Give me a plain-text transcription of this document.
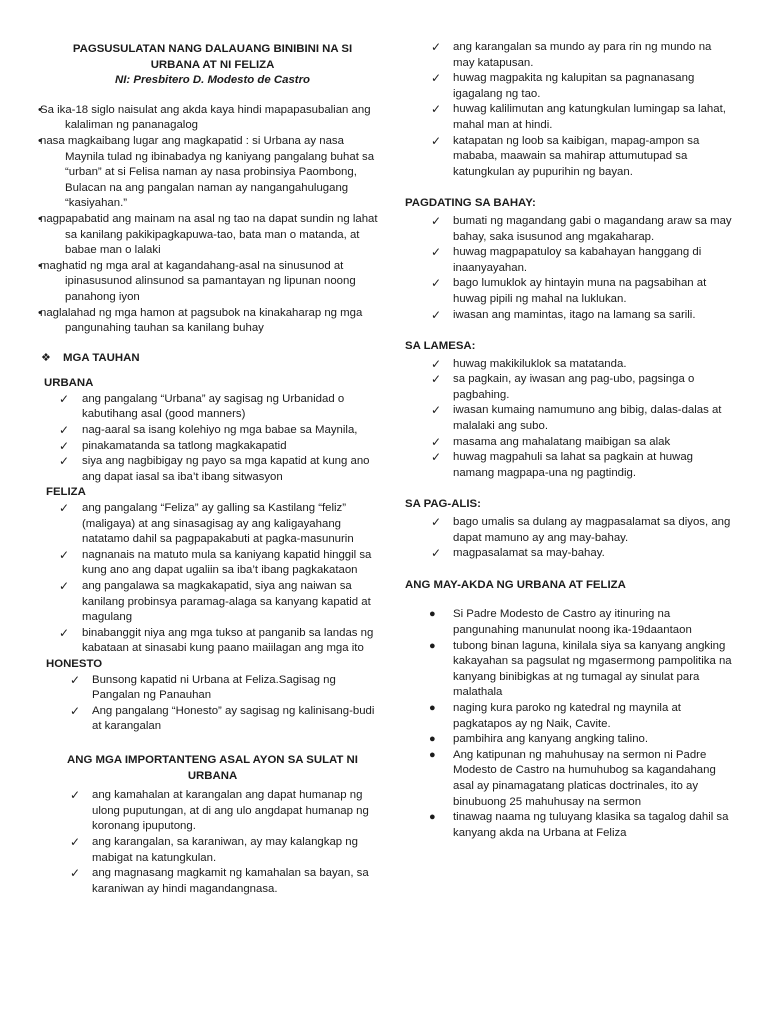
PAGSUSULATAN NANG DALAUANG BINIBINI NA SI
URBANA AT NI FELIZA
NI: Presbitero D. Modesto de Castro
• Sa ika-18 siglo naisulat ang akda kaya hindi mapapasubalian ang kalaliman ng pananagalog
• nasa magkaibang lugar ang magkapatid : si Urbana ay nasa Maynila tulad ng ibinabadya ng kaniyang pangalang buhat sa “urban” at si Felisa naman ay nasa probinsiya Paombong, Bulacan na ang pangalan naman ay nangangahulugang “kasiyahan.”
• nagpapabatid ang mainam na asal ng tao na dapat sundin ng lahat sa kanilang pakikipagkapuwa-tao, bata man o matanda, at babae man o lalaki
• maghatid ng mga aral at kagandahang-asal na sinusunod at ipinasusunod alinsunod sa pamantayan ng lipunan noong panahong iyon
• naglalahad ng mga hamon at pagsubok na kinakaharap ng mga pangunahing tauhan sa kanilang buhay
❖ MGA TAUHAN
URBANA
✓ ang pangalang “Urbana” ay sagisag ng Urbanidad o kabutihang asal (good manners)
✓ nag-aaral sa isang kolehiyo ng mga babae sa Maynila,
✓ pinakamatanda sa tatlong magkakapatid
✓ siya ang nagbibigay ng payo sa mga kapatid at kung ano ang dapat iasal sa iba’t ibang sitwasyon
FELIZA
✓ ang pangalang “Feliza” ay galling sa Kastilang “feliz” (maligaya) at ang sinasagisag ay ang kaligayahang natatamo dahil sa pagpapakabuti at pagka-masunurin
✓ nagnanais na matuto mula sa kaniyang kapatid hinggil sa kung ano ang dapat ugaliin sa iba’t ibang pagkakataon
✓ ang pangalawa sa magkakapatid, siya ang naiwan sa kanilang probinsya paramag-alaga sa kanyang kapatid at magulang
✓ binabanggit niya ang mga tukso at panganib sa landas ng kabataan at sinasabi kung paano maiilagan ang mga ito
HONESTO
✓ Bunsong kapatid ni Urbana at Feliza.Sagisag ng Pangalan ng Panauhan
✓ Ang pangalang “Honesto” ay sagisag ng kalinisang-budi at karangalan
ANG MGA IMPORTANTENG ASAL AYON SA SULAT NI
URBANA
✓ ang kamahalan at karangalan ang dapat humanap ng ulong puputungan, at di ang ulo angdapat humanap ng koronang ipuputong.
✓ ang karangalan, sa karaniwan, ay may kalangkap ng mabigat na katungkulan.
✓ ang magnasang magkamit ng kamahalan sa bayan, sa karaniwan ay hindi magandangnasa.
✓ ang karangalan sa mundo ay para rin ng mundo na may katapusan.
✓ huwag magpakita ng kalupitan sa pagnanasang igagalang ng tao.
✓ huwag kalilimutan ang katungkulan lumingap sa lahat, mahal man at hindi.
✓ katapatan ng loob sa kaibigan, mapag-ampon sa mababa, maawain sa mahirap attumutupad sa katungkulan ay pupurihin ng bayan.
PAGDATING SA BAHAY:
✓ bumati ng magandang gabi o magandang araw sa may bahay, saka isusunod ang mgakaharap.
✓ huwag magpapatuloy sa kabahayan hanggang di inaanyayahan.
✓ bago lumuklok ay hintayin muna na pagsabihan at huwag pipili ng mahal na luklukan.
✓ iwasan ang mamintas, itago na lamang sa sarili.
SA LAMESA:
✓ huwag makikiluklok sa matatanda.
✓ sa pagkain, ay iwasan ang pag-ubo, pagsinga o pagbahing.
✓ iwasan kumaing namumuno ang bibig, dalas-dalas at malalaki ang subo.
✓ masama ang mahalatang maibigan sa alak
✓ huwag magpahuli sa lahat sa pagkain at huwag namang magpapa-una ng pagtindig.
SA PAG-ALIS:
✓ bago umalis sa dulang ay magpasalamat sa diyos, ang dapat mamuno ay ang may-bahay.
✓ magpasalamat sa may-bahay.
ANG MAY-AKDA NG URBANA AT FELIZA
● Si Padre Modesto de Castro ay itinuring na pangunahing manunulat noong ika-19daantaon
● tubong binan laguna, kinilala siya sa kanyang angking kakayahan sa pagsulat ng mgasermong pampolitika na kanyang binibigkas at ng tumagal ay sinulat para malathala
● naging kura paroko ng katedral ng maynila at pagkatapos ay ng Naik, Cavite.
● pambihira ang kanyang angking talino.
● Ang katipunan ng mahuhusay na sermon ni Padre Modesto de Castro na humuhubog sa kagandahang asal ay pinamagatang platicas doctrinales, ito ay binubuong 25 mahuhusay na sermon
● tinawag naama ng tuluyang klasika sa tagalog dahil sa kanyang akda na Urbana at Feliza
